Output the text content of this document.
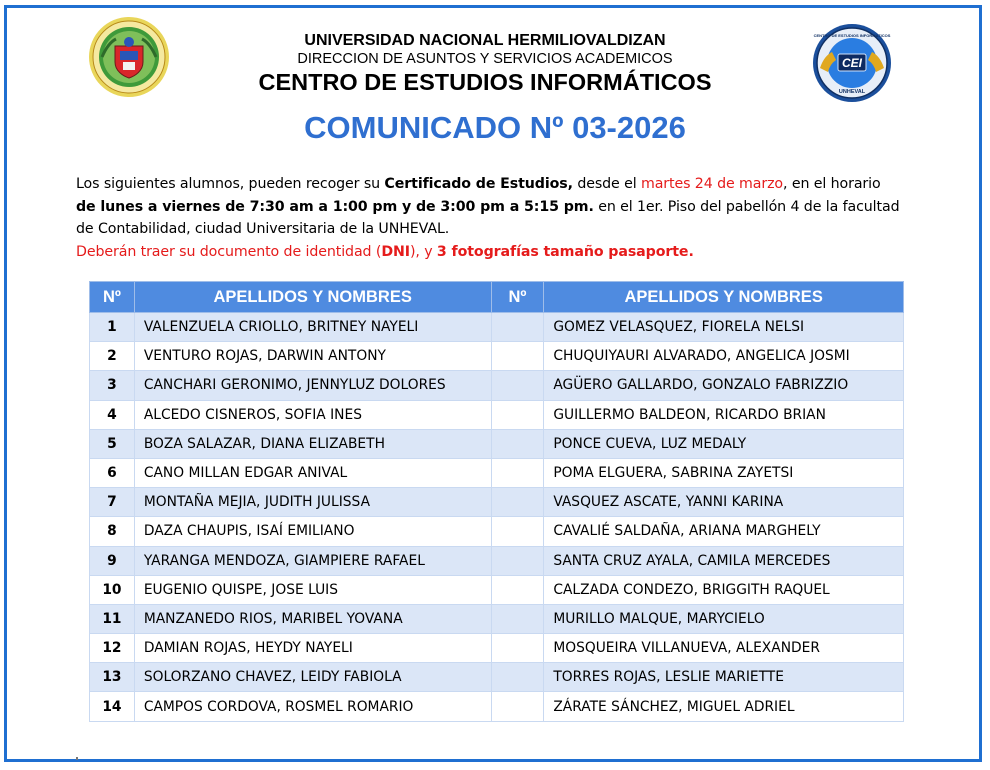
CEI
UNHEVAL
CENTRO DE ESTUDIOS INFORMATICOS
UNIVERSIDAD NACIONAL HERMILIOVALDIZAN
DIRECCION DE ASUNTOS Y SERVICIOS ACADEMICOS
CENTRO DE ESTUDIOS INFORMÁTICOS
COMUNICADO Nº 03-2026
Los siguientes alumnos, pueden recoger su Certificado de Estudios, desde el martes 24 de marzo, en el horario
de lunes a viernes de 7:30 am a 1:00 pm y de 3:00 pm a 5:15 pm. en el 1er. Piso del pabellón 4 de la facultad
de Contabilidad, ciudad Universitaria de la UNHEVAL.
Deberán traer su documento de identidad (DNI), y 3 fotografías tamaño pasaporte.
Nº	APELLIDOS Y NOMBRES	Nº	APELLIDOS Y NOMBRES
1	VALENZUELA CRIOLLO, BRITNEY NAYELI		GOMEZ VELASQUEZ, FIORELA NELSI
2	VENTURO ROJAS, DARWIN ANTONY		CHUQUIYAURI ALVARADO, ANGELICA JOSMI
3	CANCHARI GERONIMO, JENNYLUZ DOLORES		AGÜERO GALLARDO, GONZALO FABRIZZIO
4	ALCEDO CISNEROS, SOFIA INES		GUILLERMO BALDEON, RICARDO BRIAN
5	BOZA SALAZAR, DIANA ELIZABETH		PONCE CUEVA, LUZ MEDALY
6	CANO MILLAN EDGAR ANIVAL		POMA ELGUERA, SABRINA ZAYETSI
7	MONTAÑA MEJIA, JUDITH JULISSA		VASQUEZ ASCATE, YANNI KARINA
8	DAZA CHAUPIS, ISAÍ EMILIANO		CAVALIÉ SALDAÑA, ARIANA MARGHELY
9	YARANGA MENDOZA, GIAMPIERE RAFAEL		SANTA CRUZ AYALA, CAMILA MERCEDES
10	EUGENIO QUISPE, JOSE LUIS		CALZADA CONDEZO, BRIGGITH RAQUEL
11	MANZANEDO RIOS, MARIBEL YOVANA		MURILLO MALQUE, MARYCIELO
12	DAMIAN ROJAS, HEYDY NAYELI		MOSQUEIRA VILLANUEVA, ALEXANDER
13	SOLORZANO CHAVEZ, LEIDY FABIOLA		TORRES ROJAS, LESLIE MARIETTE
14	CAMPOS CORDOVA, ROSMEL ROMARIO		ZÁRATE SÁNCHEZ, MIGUEL ADRIEL
